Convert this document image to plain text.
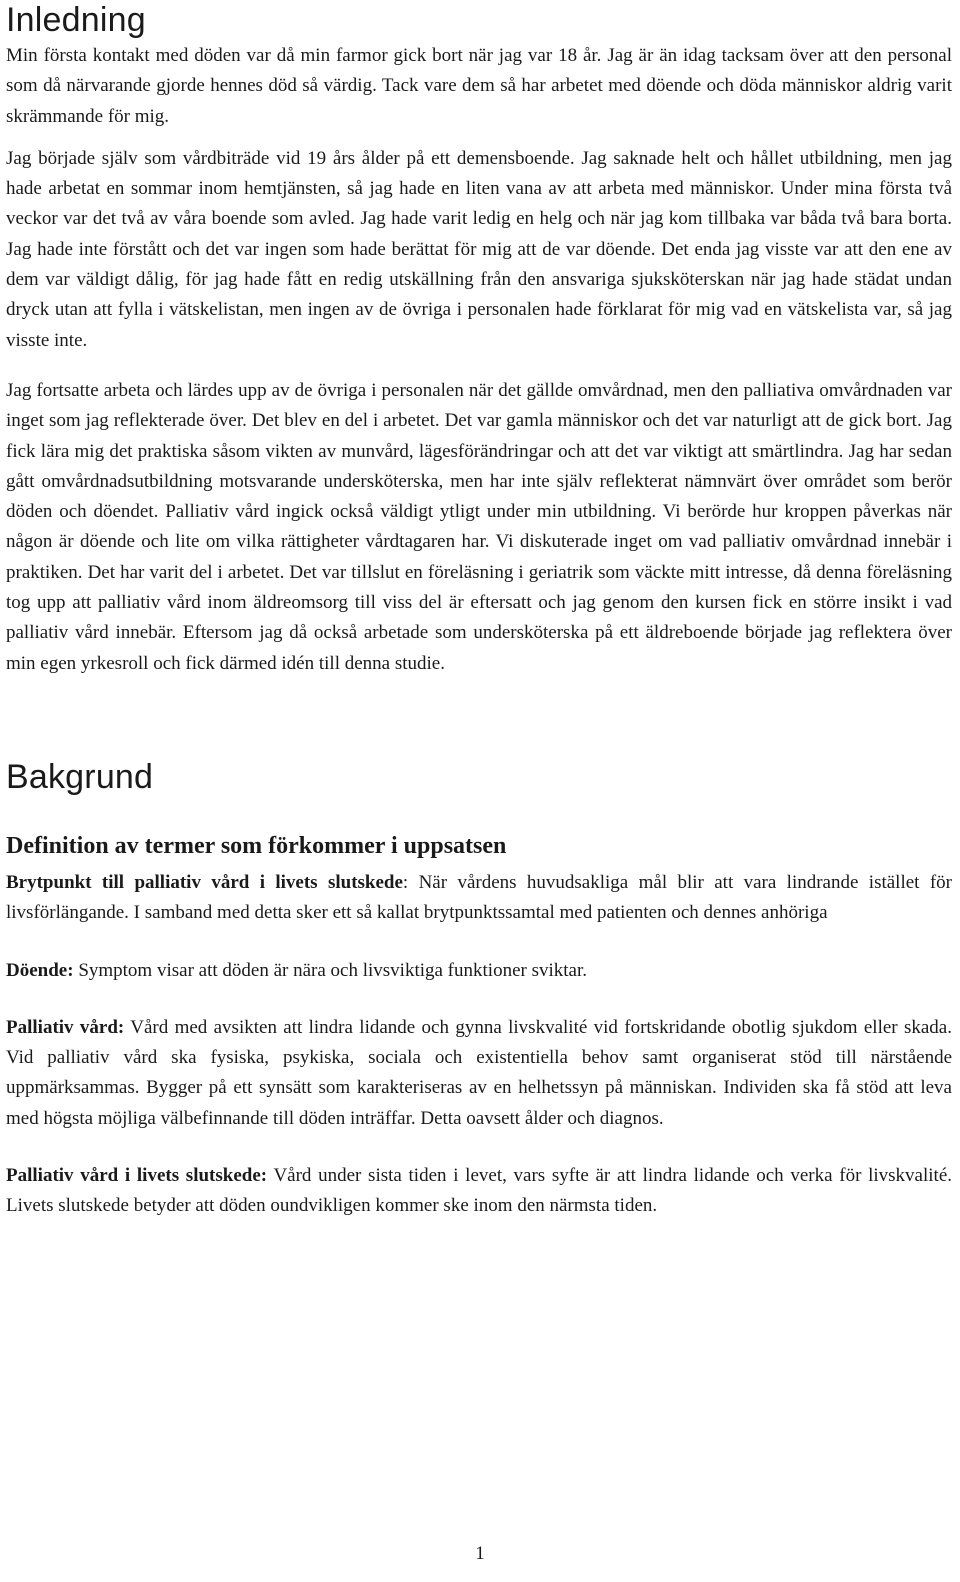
Inledning

Min första kontakt med döden var då min farmor gick bort när jag var 18 år. Jag är än idag tacksam över att den personal som då närvarande gjorde hennes död så värdig. Tack vare dem så har arbetet med döende och döda människor aldrig varit skrämmande för mig.

Jag började själv som vårdbiträde vid 19 års ålder på ett demensboende. Jag saknade helt och hållet utbildning, men jag hade arbetat en sommar inom hemtjänsten, så jag hade en liten vana av att arbeta med människor. Under mina första två veckor var det två av våra boende som avled. Jag hade varit ledig en helg och när jag kom tillbaka var båda två bara borta. Jag hade inte förstått och det var ingen som hade berättat för mig att de var döende. Det enda jag visste var att den ene av dem var väldigt dålig, för jag hade fått en redig utskällning från den ansvariga sjuksköterskan när jag hade städat undan dryck utan att fylla i vätskelistan, men ingen av de övriga i personalen hade förklarat för mig vad en vätskelista var, så jag visste inte.

Jag fortsatte arbeta och lärdes upp av de övriga i personalen när det gällde omvårdnad, men den palliativa omvårdnaden var inget som jag reflekterade över. Det blev en del i arbetet. Det var gamla människor och det var naturligt att de gick bort. Jag fick lära mig det praktiska såsom vikten av munvård, lägesförändringar och att det var viktigt att smärtlindra. Jag har sedan gått omvårdnadsutbildning motsvarande undersköterska, men har inte själv reflekterat nämnvärt över området som berör döden och döendet. Palliativ vård ingick också väldigt ytligt under min utbildning. Vi berörde hur kroppen påverkas när någon är döende och lite om vilka rättigheter vårdtagaren har. Vi diskuterade inget om vad palliativ omvårdnad innebär i praktiken. Det har varit del i arbetet. Det var tillslut en föreläsning i geriatrik som väckte mitt intresse, då denna föreläsning tog upp att palliativ vård inom äldreomsorg till viss del är eftersatt och jag genom den kursen fick en större insikt i vad palliativ vård innebär. Eftersom jag då också arbetade som undersköterska på ett äldreboende började jag reflektera över min egen yrkesroll och fick därmed idén till denna studie.

Bakgrund
Definition av termer som förkommer i uppsatsen

Brytpunkt till palliativ vård i livets slutskede: När vårdens huvudsakliga mål blir att vara lindrande istället för livsförlängande. I samband med detta sker ett så kallat brytpunktssamtal med patienten och dennes anhöriga

Döende: Symptom visar att döden är nära och livsviktiga funktioner sviktar.

Palliativ vård: Vård med avsikten att lindra lidande och gynna livskvalité vid fortskridande obotlig sjukdom eller skada. Vid palliativ vård ska fysiska, psykiska, sociala och existentiella behov samt organiserat stöd till närstående uppmärksammas. Bygger på ett synsätt som karakteriseras av en helhetssyn på människan. Individen ska få stöd att leva med högsta möjliga välbefinnande till döden inträffar. Detta oavsett ålder och diagnos.

Palliativ vård i livets slutskede: Vård under sista tiden i levet, vars syfte är att lindra lidande och verka för livskvalité. Livets slutskede betyder att döden oundvikligen kommer ske inom den närmsta tiden.

1
